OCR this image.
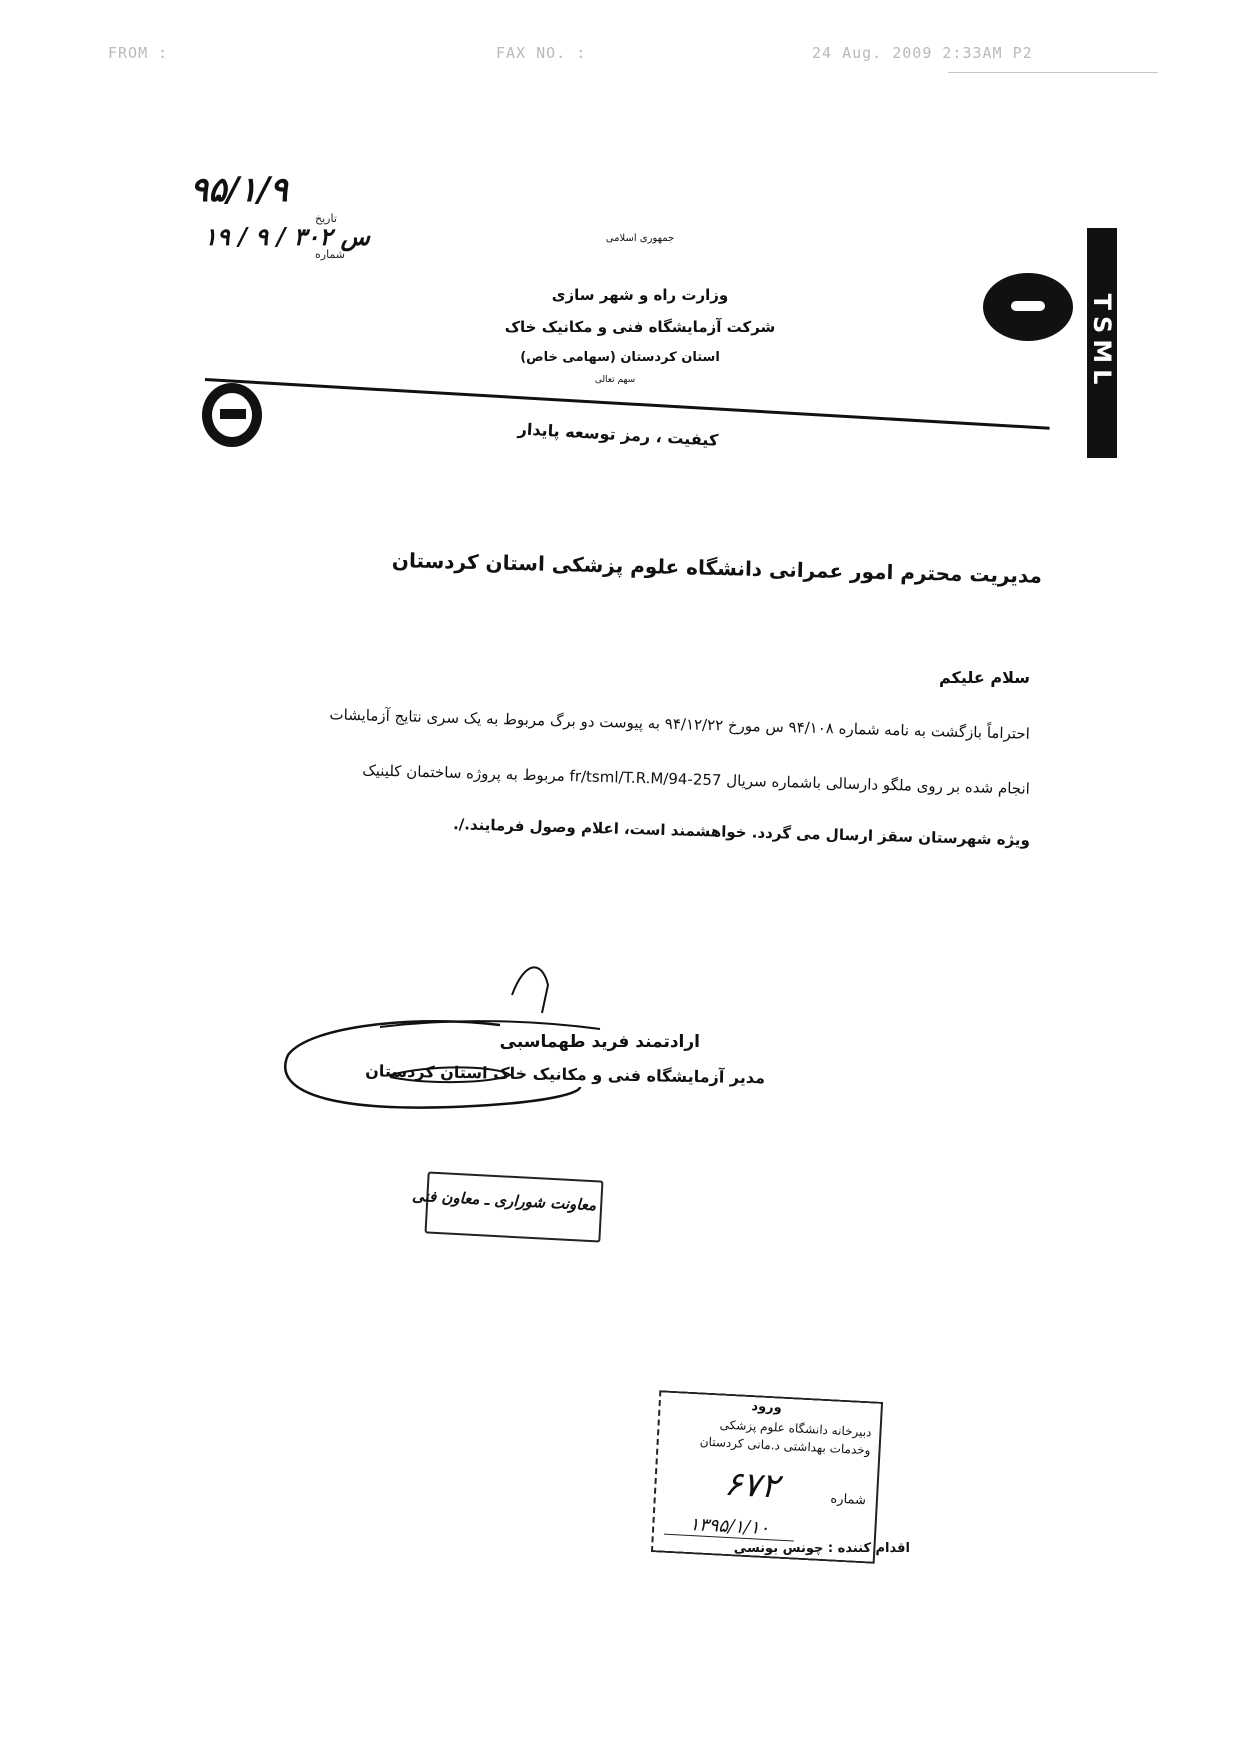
FROM :	FAX NO. :	24 Aug. 2009 2:33AM P2
۹۵/۱/۹
۱۹ / ۹ / ۳۰۲ س
تاريخ
شماره
جمهوری اسلامی
وزارت راه و شهر سازی
شرکت آزمایشگاه فنی و مکانیک خاک
استان کردستان (سهامی خاص)
سهم تعالی	TSML
کیفیت ، رمز توسعه پایدار
مدیریت محترم امور عمرانی دانشگاه علوم پزشکی استان کردستان
سلام علیکم
احتراماً بازگشت به نامه شماره ۹۴/۱۰۸ س مورخ ۹۴/۱۲/۲۲ به پیوست دو برگ مربوط به یک سری نتایج آزمایشات
انجام شده بر روی ملگو دارسالی باشماره سریال fr/tsml/T.R.M/94-257 مربوط به پروژه ساختمان کلینیک
ویژه شهرستان سقز ارسال می گردد. خواهشمند است، اعلام وصول فرمایند./.
ارادتمند فرید طهماسبی
مدیر آزمایشگاه فنی و مکانیک خاک استان کردستان
معاونت شوراری ـ معاون فنی
ورود
دبیرخانه دانشگاه علوم پزشکی
وخدمات بهداشتی د.مانی کردستان
شماره
۶۷۲
۱۳۹۵/۱/۱۰
اقدام کننده : چونس بونسی
